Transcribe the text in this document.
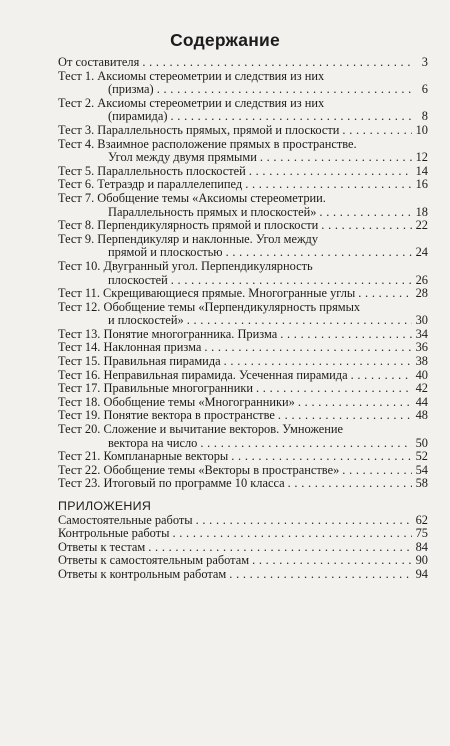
Содержание
От составителя . . .	3
Тест 1. Аксиомы стереометрии и следствия из них
(призма) . . .	6
Тест 2. Аксиомы стереометрии и следствия из них
(пирамида) . . .	8
Тест 3. Параллельность прямых, прямой и плоскости . . .	10
Тест 4. Взаимное расположение прямых в пространстве.
Угол между двумя прямыми . . .	12
Тест 5. Параллельность плоскостей . . .	14
Тест 6. Тетраэдр и параллелепипед . . .	16
Тест 7. Обобщение темы «Аксиомы стереометрии.
Параллельность прямых и плоскостей» . . .	18
Тест 8. Перпендикулярность прямой и плоскости . . .	22
Тест 9. Перпендикуляр и наклонные. Угол между
прямой и плоскостью . . .	24
Тест 10. Двугранный угол. Перпендикулярность
плоскостей . . .	26
Тест 11. Скрещивающиеся прямые. Многогранные углы . . .	28
Тест 12. Обобщение темы «Перпендикулярность прямых
и плоскостей» . . .	30
Тест 13. Понятие многогранника. Призма . . .	34
Тест 14. Наклонная призма . . .	36
Тест 15. Правильная пирамида . . .	38
Тест 16. Неправильная пирамида. Усеченная пирамида . . .	40
Тест 17. Правильные многогранники . . .	42
Тест 18. Обобщение темы «Многогранники» . . .	44
Тест 19. Понятие вектора в пространстве . . .	48
Тест 20. Сложение и вычитание векторов. Умножение
вектора на число . . .	50
Тест 21. Компланарные векторы . . .	52
Тест 22. Обобщение темы «Векторы в пространстве» . . .	54
Тест 23. Итоговый по программе 10 класса . . .	58
ПРИЛОЖЕНИЯ
Самостоятельные работы . . .	62
Контрольные работы . . .	75
Ответы к тестам . . .	84
Ответы к самостоятельным работам . . .	90
Ответы к контрольным работам . . .	94
